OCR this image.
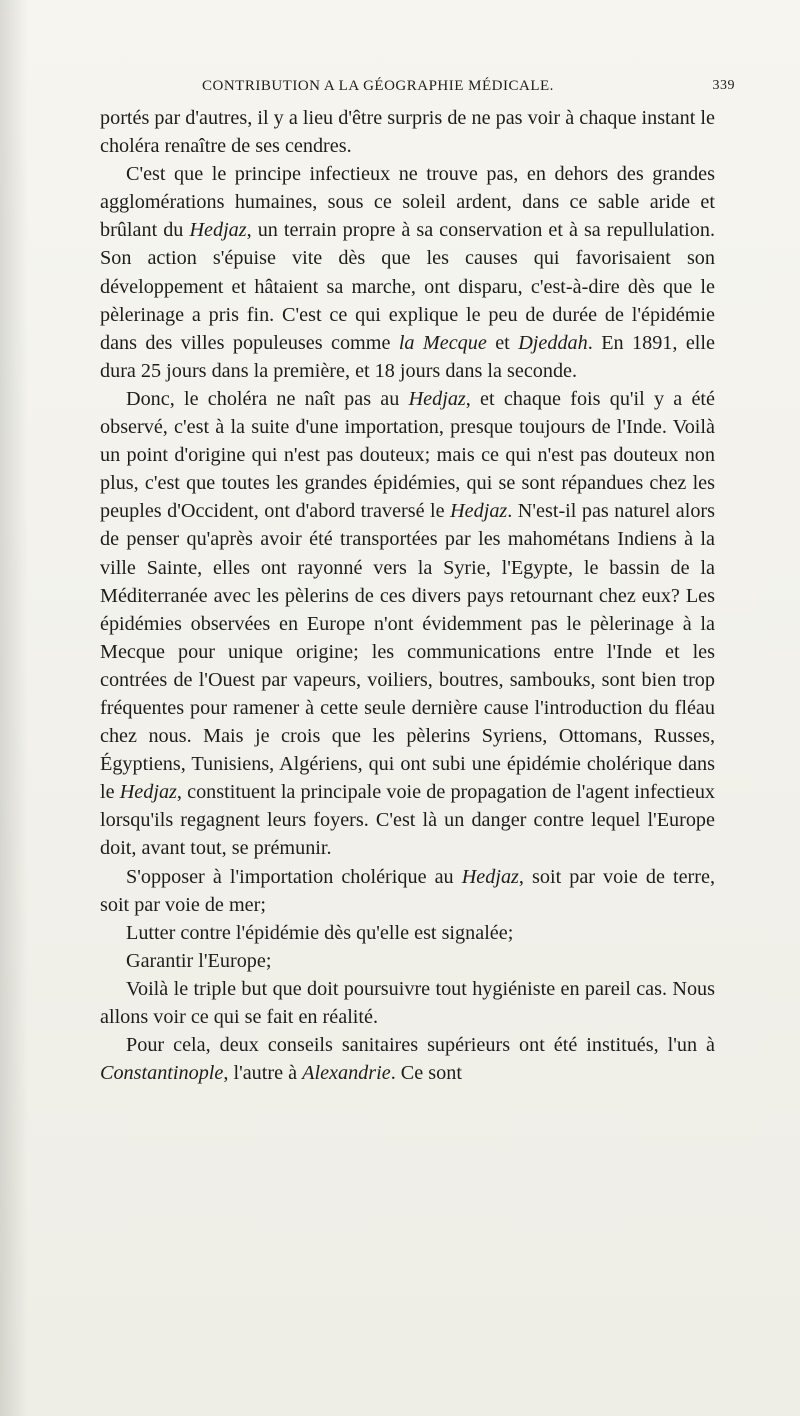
CONTRIBUTION A LA GÉOGRAPHIE MÉDICALE.	339

portés par d'autres, il y a lieu d'être surpris de ne pas voir à chaque instant le choléra renaître de ses cendres.

C'est que le principe infectieux ne trouve pas, en dehors des grandes agglomérations humaines, sous ce soleil ardent, dans ce sable aride et brûlant du Hedjaz, un terrain propre à sa conservation et à sa repullulation. Son action s'épuise vite dès que les causes qui favorisaient son développement et hâtaient sa marche, ont disparu, c'est-à-dire dès que le pèlerinage a pris fin. C'est ce qui explique le peu de durée de l'épidémie dans des villes populeuses comme la Mecque et Djeddah. En 1891, elle dura 25 jours dans la première, et 18 jours dans la seconde.

Donc, le choléra ne naît pas au Hedjaz, et chaque fois qu'il y a été observé, c'est à la suite d'une importation, presque toujours de l'Inde. Voilà un point d'origine qui n'est pas douteux; mais ce qui n'est pas douteux non plus, c'est que toutes les grandes épidémies, qui se sont répandues chez les peuples d'Occident, ont d'abord traversé le Hedjaz. N'est-il pas naturel alors de penser qu'après avoir été transportées par les mahométans Indiens à la ville Sainte, elles ont rayonné vers la Syrie, l'Egypte, le bassin de la Méditerranée avec les pèlerins de ces divers pays retournant chez eux? Les épidémies observées en Europe n'ont évidemment pas le pèlerinage à la Mecque pour unique origine; les communications entre l'Inde et les contrées de l'Ouest par vapeurs, voiliers, boutres, sambouks, sont bien trop fréquentes pour ramener à cette seule dernière cause l'introduction du fléau chez nous. Mais je crois que les pèlerins Syriens, Ottomans, Russes, Égyptiens, Tunisiens, Algériens, qui ont subi une épidémie cholérique dans le Hedjaz, constituent la principale voie de propagation de l'agent infectieux lorsqu'ils regagnent leurs foyers. C'est là un danger contre lequel l'Europe doit, avant tout, se prémunir.

S'opposer à l'importation cholérique au Hedjaz, soit par voie de terre, soit par voie de mer;

Lutter contre l'épidémie dès qu'elle est signalée;

Garantir l'Europe;

Voilà le triple but que doit poursuivre tout hygiéniste en pareil cas. Nous allons voir ce qui se fait en réalité.

Pour cela, deux conseils sanitaires supérieurs ont été institués, l'un à Constantinople, l'autre à Alexandrie. Ce sont
